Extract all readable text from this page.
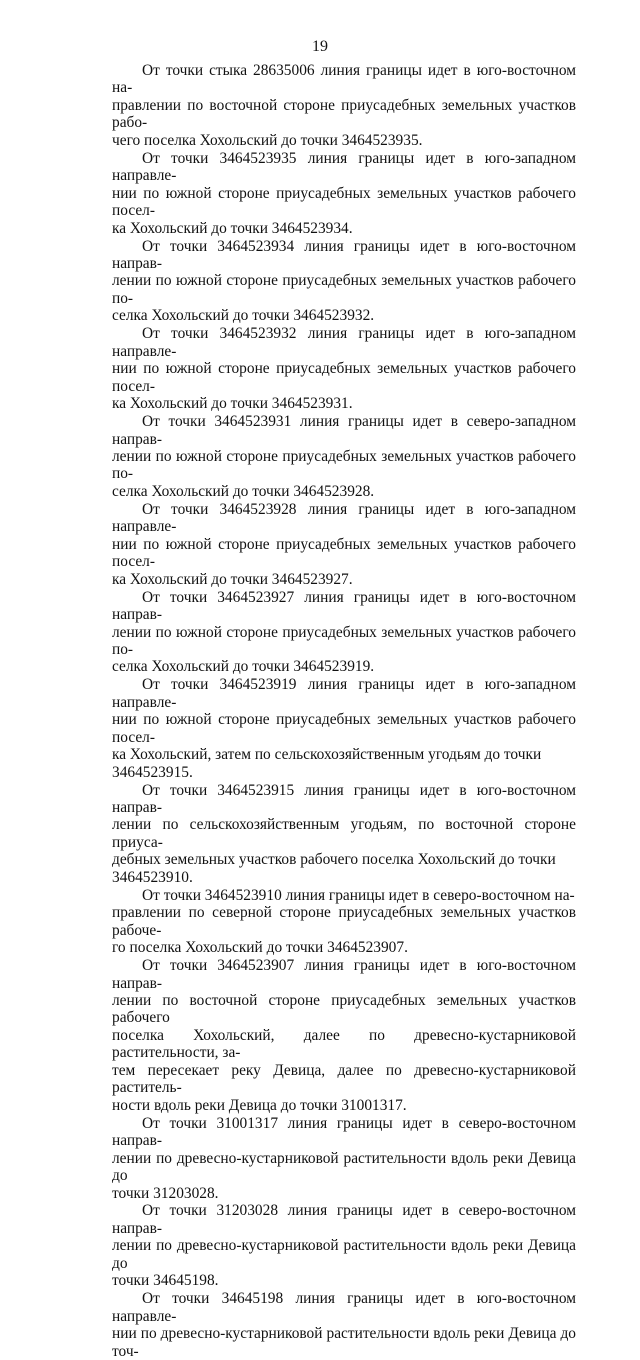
19

От точки стыка 28635006 линия границы идет в юго-восточном на-
правлении по восточной стороне приусадебных земельных участков рабо-
чего поселка Хохольский до точки 3464523935.

От точки 3464523935 линия границы идет в юго-западном направле-
нии по южной стороне приусадебных земельных участков рабочего посел-
ка Хохольский до точки 3464523934.

От точки 3464523934 линия границы идет в юго-восточном направ-
лении по южной стороне приусадебных земельных участков рабочего по-
селка Хохольский до точки 3464523932.

От точки 3464523932 линия границы идет в юго-западном направле-
нии по южной стороне приусадебных земельных участков рабочего посел-
ка Хохольский до точки 3464523931.

От точки 3464523931 линия границы идет в северо-западном направ-
лении по южной стороне приусадебных земельных участков рабочего по-
селка Хохольский до точки 3464523928.

От точки 3464523928 линия границы идет в юго-западном направле-
нии по южной стороне приусадебных земельных участков рабочего посел-
ка Хохольский до точки 3464523927.

От точки 3464523927 линия границы идет в юго-восточном направ-
лении по южной стороне приусадебных земельных участков рабочего по-
селка Хохольский до точки 3464523919.

От точки 3464523919 линия границы идет в юго-западном направле-
нии по южной стороне приусадебных земельных участков рабочего посел-
ка Хохольский, затем по сельскохозяйственным угодьям до точки
3464523915.

От точки 3464523915 линия границы идет в юго-восточном направ-
лении по сельскохозяйственным угодьям, по восточной стороне приуса-
дебных земельных участков рабочего поселка Хохольский до точки
3464523910.

От точки 3464523910 линия границы идет в северо-восточном на-
правлении по северной стороне приусадебных земельных участков рабоче-
го поселка Хохольский до точки 3464523907.

От точки 3464523907 линия границы идет в юго-восточном направ-
лении по восточной стороне приусадебных земельных участков рабочего
поселка Хохольский, далее по древесно-кустарниковой растительности, за-
тем пересекает реку Девица, далее по древесно-кустарниковой раститель-
ности вдоль реки Девица до точки 31001317.

От точки 31001317 линия границы идет в северо-восточном направ-
лении по древесно-кустарниковой растительности вдоль реки Девица до
точки 31203028.

От точки 31203028 линия границы идет в северо-восточном направ-
лении по древесно-кустарниковой растительности вдоль реки Девица до
точки 34645198.

От точки 34645198 линия границы идет в юго-восточном направле-
нии по древесно-кустарниковой растительности вдоль реки Девица до точ-
